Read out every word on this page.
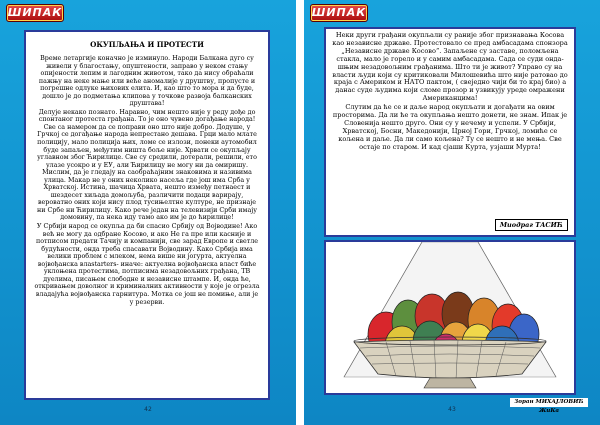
ШИПАК
ОКУПЉАЊА И ПРОТЕСТИ

Време летаргије коначно је изминуло. Народи Балкана дуго су живели у благостању, опуштености, заправо у неком стању опијености лепим и лагодним животом, тако да нису обраћали пажњу на неке мање или веће аномалије у друштву, пропусте и погрешне одлуке њихових елита. И, као што то мора и да буде, дошло је до подметања клипова у точкове развоја балканских друштава!

Делује некако познато. Наравно, чим нешто није у реду дође до спонтаног протеста грађана. То је оно чувено догађање народа! Све са намером да се поправи оно што није добро. Додуше, у Грчкој се догађање народа непрестано дешава. Грци мало млате полицију, мало полиција њих, ломе се излози, понеки аутомобил буде запаљен, међутим ништа боље није. Хрвати се окупљају углавном због Ћирилице. Све су средили, дотерали, решили, ето улазе усокро и у ЕУ, али Ћирилицу не могу ни да омиришу. Мислим, да је гледају на саобраћајним знаковима и називима улица. Макар не у оних неколико насеља где још има Срба у Хрватској. Истина, шачица Хрвата, нешто између петнаест и шездесет хиљада домољуба, различити подаци варирају, вероватно оних који нису плод тусињелтне културе, не признаје ни Србе ни Ћирилицу. Како рече један на телевизији Срби имају домовину, па нека иду тамо ако им је до ћирилице!

У Србији народ се окупља да би спасио Србију од Војводине! Ако већ не могу да одбране Косово, и ако Не га пре или касније и потписом предати Тачију и компанији, све зарад Европе и светле будућности, онда треба спасавати Војводину. Како Србија има велики проблем с млеком, нема више ни јогурта, актуелна војвођанска влаstarters- иначе: актуелна војвођанска власт бићe уклоњена протестима, потписима незадовољних грађана, ТВ дуелима, писањем слободне и независне штампе. И, онда ће, откривањем доволног и криминалних активности у које је огрезла владајућа војвођанска гарнитура. Мотка се још не помиње, али је у резерви.

42
ШИПАК

Неки други грађани окупљали су раније због признавања Косова као независне државе. Протестовало се пред амбасадама спонзора „Независне државе Косово”. Запаљене су заставе, поломљена стакла, мало је горело и у самим амбасадама. Сада се суди ондашњим незадовољним грађанима. Што ти је живот? Управо су на власти људи који су критиковали Милошевића што није ратовао до краја с Америком и НАТО пактом, ( свеједно чији би то крај био) а данас суде људима који сломе прозор и узвикују уреде омражени Американцима!

Слутим да ће се и даље народ окупљати и догађати на овим просторима. Да ли ће та окупљања нешто донети, не знам. Ипак је Словенија нешто друго. Они су у нечему и успели. У Србији, Хрватској, Босни, Македонији, Црној Гори, Грчкој, ломиће се кољена и даље. Да ли само кољена? Ту се нешто и не мења. Све остаје по старом. И кад сјаши Курта, узјаши Мурта!

Миодраг ТАСИЋ
Зоран МИХАЈЛОВИЋ ЖиКа
43
